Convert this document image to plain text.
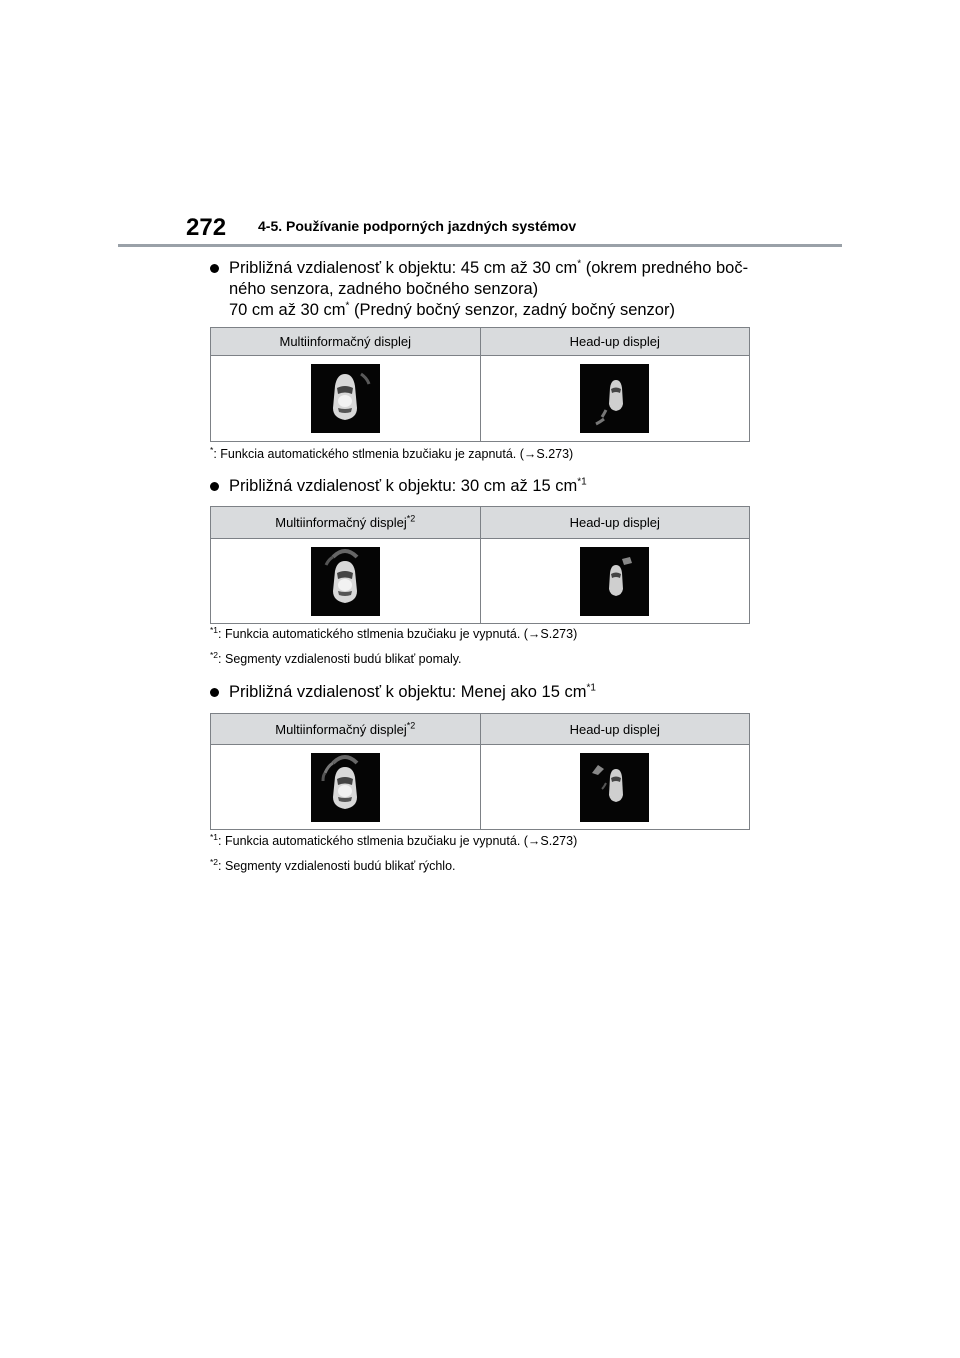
272 4-5. Používanie podporných jazdných systémov
Približná vzdialenosť k objektu: 45 cm až 30 cm* (okrem predného boč-
ného senzora, zadného bočného senzora)
70 cm až 30 cm* (Predný bočný senzor, zadný bočný senzor)
Multiinformačný displej	Head-up displej

*: Funkcia automatického stlmenia bzučiaku je zapnutá. (→S.273)
Približná vzdialenosť k objektu: 30 cm až 15 $cm^{*1}$
Multiinformačný displej$^{*2}$	Head-up displej

$^{*1}$: Funkcia automatického stlmenia bzučiaku je vypnutá. (→S.273)
$^{*2}$: Segmenty vzdialenosti budú blikať pomaly.
Približná vzdialenosť k objektu: Menej ako 15 $cm^{*1}$
Multiinformačný displej$^{*2}$	Head-up displej

$^{*1}$: Funkcia automatického stlmenia bzučiaku je vypnutá. (→S.273)
$^{*2}$: Segmenty vzdialenosti budú blikať rýchlo.
